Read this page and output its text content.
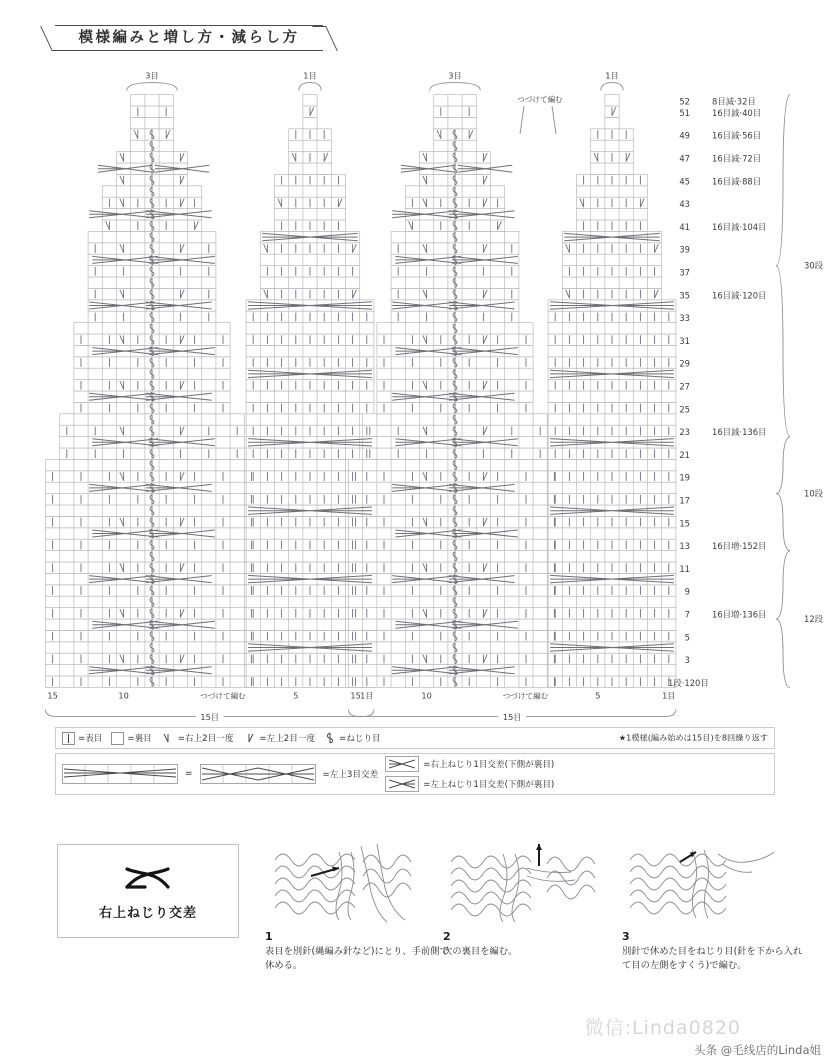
模様編みと増し方・減らし方
3目	1目	3目	1目
つづけて編む	52	8目減·32目
51	16目減·40目
49	16目減·56目
47	16目減·72目
45	16目減·88目
43
41	16目減·104目
39
37
35	16目減·120目
33
31
29
27
25
23	16目減·136目
21
19
17
15
13	16目増·152目
11
9
7	16目増·136目
5
3
1段·120目
30段
10段
12段
15	10	5	1目
15	10	5	1目
つづけて編む	つづけて編む
15目	15目
=表目	=裏目	=右上2目一度	=左上2目一度	=ねじり目	★1模様(編み始めは15目)を8回繰り返す
=	=左上3目交差
=右上ねじり1目交差(下側が裏目)
=左上ねじり1目交差(下側が裏目)
右上ねじり交差
1
表目を別針(縄編み針など)にとり、手前側で休める。
2
次の裏目を編む。
3
別針で休めた目をねじり目(針を下から入れて目の左側をすくう)で編む。
微信:Linda0820
头条 @毛线店的Linda姐
